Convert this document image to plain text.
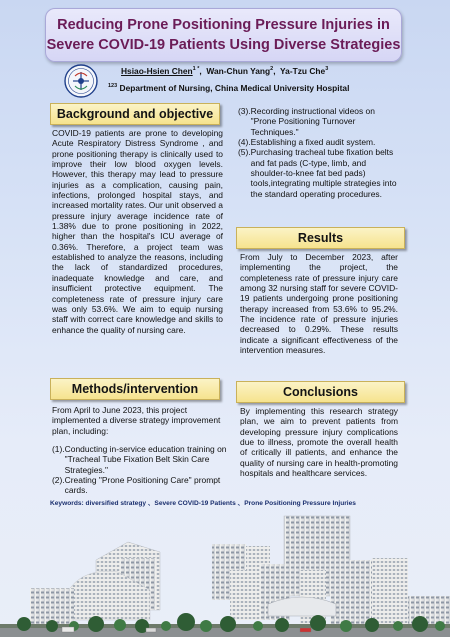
Reducing Prone Positioning Pressure Injuries in
Severe COVID-19 Patients Using Diverse Strategies
Hsiao-Hsien Chen$^{1 *}$,  Wan-Chun Yang$^2$,  Ya-Tzu Che$^3$
$^{123}$ Department of Nursing, China Medical University Hospital
Background and objective
COVID-19 patients are prone to developing Acute Respiratory Distress Syndrome , and prone positioning therapy is clinically used to improve their low blood oxygen levels. However, this therapy may lead to pressure injuries as a complication, causing pain, infections, prolonged hospital stays, and increased mortality rates. Our unit observed a pressure injury average incidence rate of 1.38% due to prone positioning in 2022, higher than the hospital's ICU average of 0.36%. Therefore, a project team was established to analyze the reasons, including the lack of standardized procedures, inadequate knowledge and care, and insufficient protective equipment. The completeness rate of pressure injury care was only 53.6%. We aim to equip nursing staff with correct care knowledge and skills to enhance the quality of nursing care.
Methods/intervention
From April to June 2023, this project implemented a diverse strategy improvement plan, including:
(1). Conducting in-service education training on "Tracheal Tube Fixation Belt Skin Care Strategies."
(2). Creating "Prone Positioning Care" prompt cards.
(3). Recording instructional videos on "Prone Positioning Turnover Techniques."
(4). Establishing a fixed audit system.
(5). Purchasing tracheal tube fixation belts and fat pads (C-type, limb, and shoulder-to-knee fat bed pads) tools,integrating multiple strategies into the standard operating procedures.
Results
From July to December 2023, after implementing the project, the completeness rate of pressure injury care among 32 nursing staff for severe COVID-19 patients undergoing prone positioning therapy increased from 53.6% to 95.2%. The incidence rate of pressure injuries decreased to 0.29%. These results indicate a significant effectiveness of the intervention measures.
Conclusions
By implementing this research strategy plan, we aim to prevent patients from developing pressure injury complications due to illness, promote the overall health of critically ill patients, and enhance the quality of nursing care in health-promoting hospitals and healthcare services.
Keywords: diversified strategy 、Severe COVID-19 Patients 、Prone Positioning Pressure Injuries
